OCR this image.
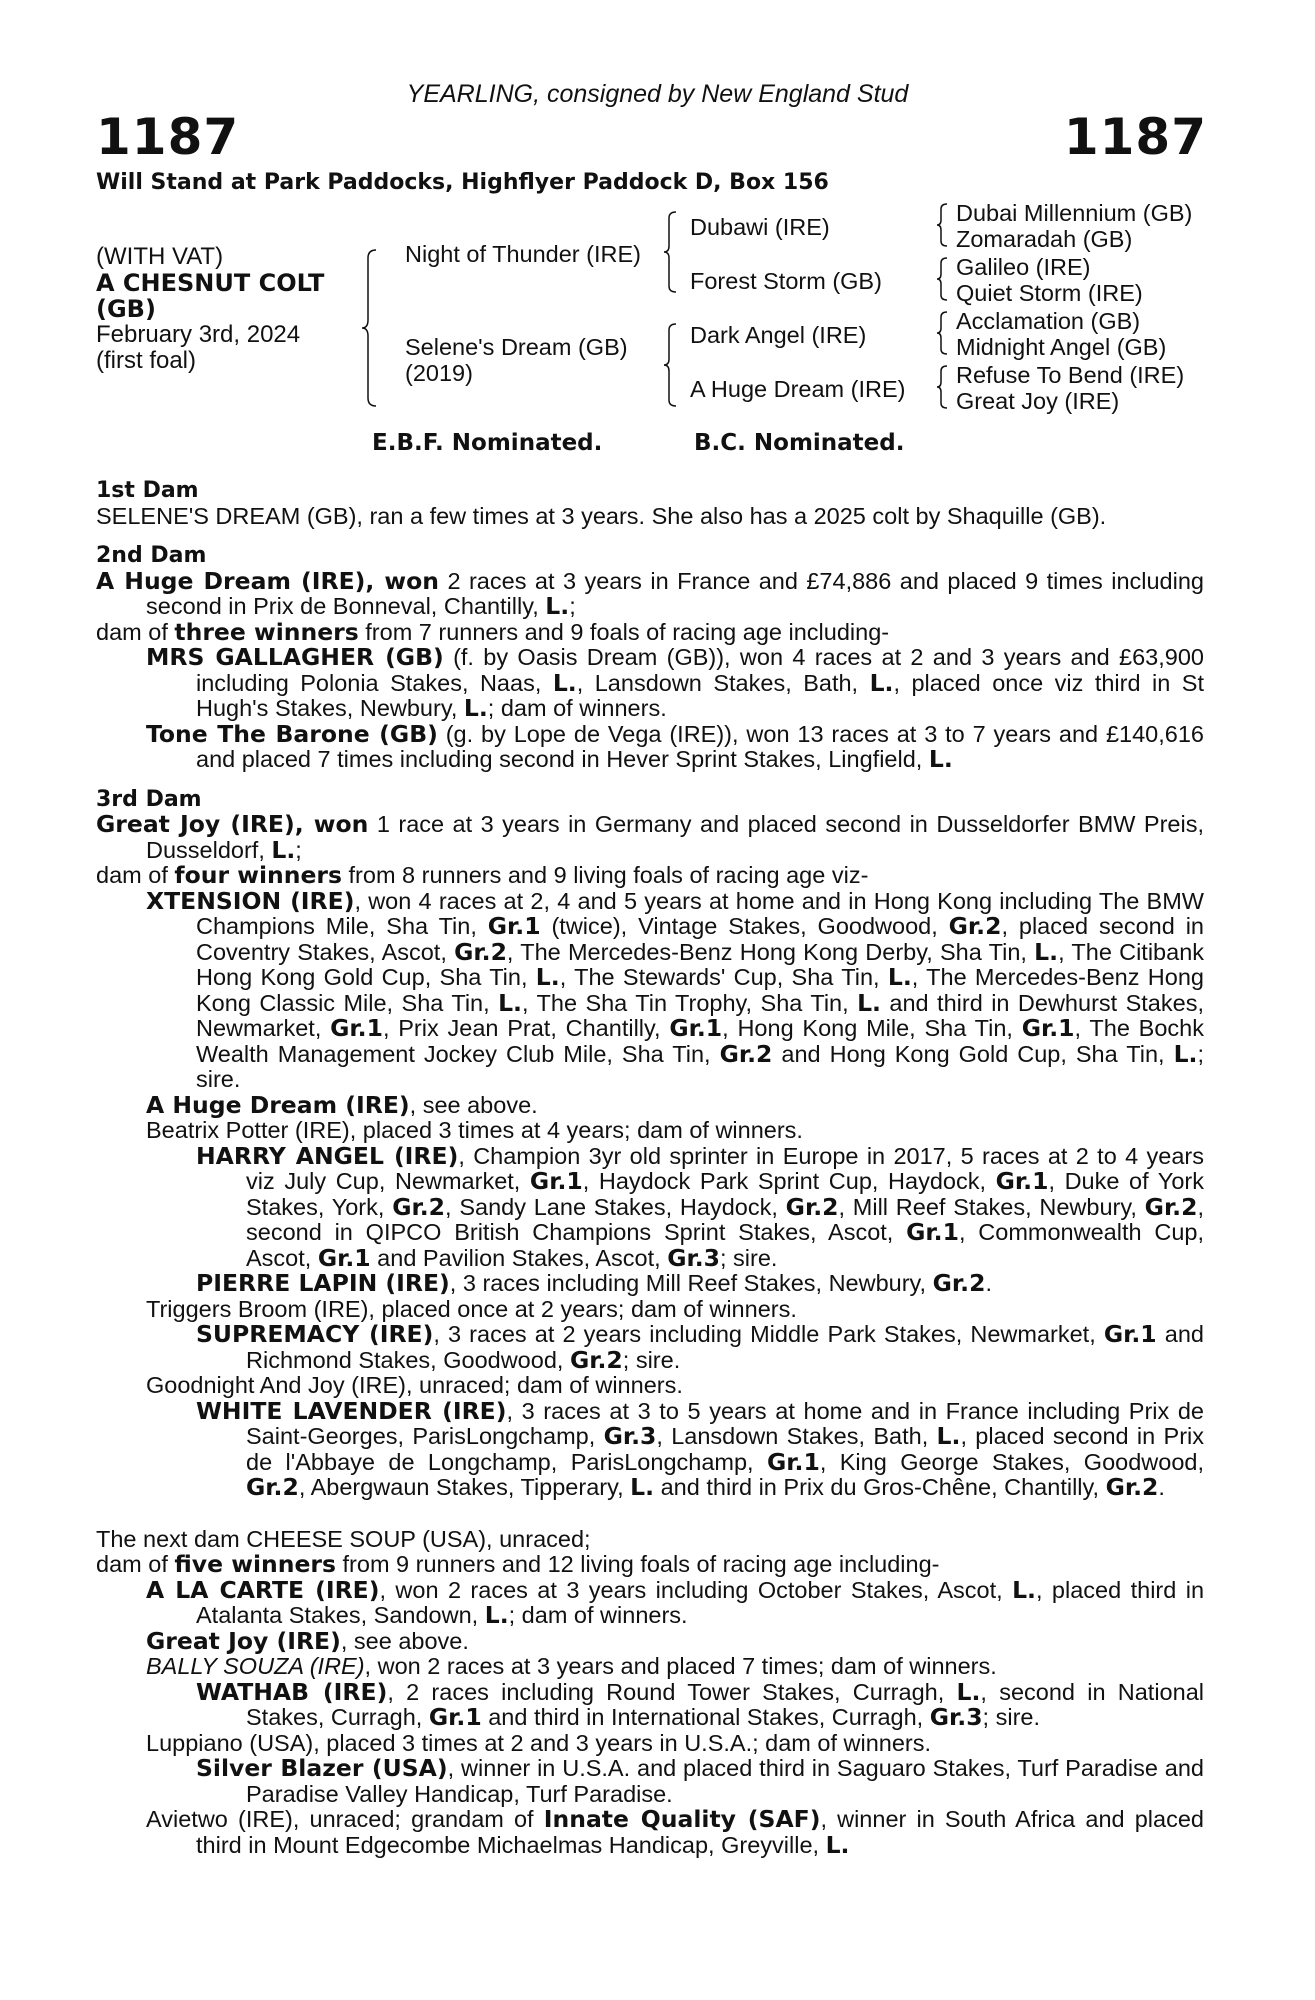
1187	1187
YEARLING, consigned by New England Stud
Will Stand at Park Paddocks, Highflyer Paddock D, Box 156
(WITH VAT)
A CHESNUT COLT
(GB)
February 3rd, 2024
(first foal)
Night of Thunder (IRE)
Selene's Dream (GB)
(2019)
Dubawi (IRE)
Forest Storm (GB)
Dark Angel (IRE)
A Huge Dream (IRE)
Dubai Millennium (GB)
Zomaradah (GB)
Galileo (IRE)
Quiet Storm (IRE)
Acclamation (GB)
Midnight Angel (GB)
Refuse To Bend (IRE)
Great Joy (IRE)
E.B.F. Nominated.	B.C. Nominated.

1st Dam

SELENE'S DREAM (GB), ran a few times at 3 years. She also has a 2025 colt by Shaquille (GB).

2nd Dam

A Huge Dream (IRE), won 2 races at 3 years in France and £74,886 and placed 9 times including second in Prix de Bonneval, Chantilly, L.;

dam of three winners from 7 runners and 9 foals of racing age including-

MRS GALLAGHER (GB) (f. by Oasis Dream (GB)), won 4 races at 2 and 3 years and £63,900 including Polonia Stakes, Naas, L., Lansdown Stakes, Bath, L., placed once viz third in St Hugh's Stakes, Newbury, L.; dam of winners.

Tone The Barone (GB) (g. by Lope de Vega (IRE)), won 13 races at 3 to 7 years and £140,616 and placed 7 times including second in Hever Sprint Stakes, Lingfield, L.

3rd Dam

Great Joy (IRE), won 1 race at 3 years in Germany and placed second in Dusseldorfer BMW Preis, Dusseldorf, L.;

dam of four winners from 8 runners and 9 living foals of racing age viz-

XTENSION (IRE), won 4 races at 2, 4 and 5 years at home and in Hong Kong including The BMW Champions Mile, Sha Tin, Gr.1 (twice), Vintage Stakes, Goodwood, Gr.2, placed second in Coventry Stakes, Ascot, Gr.2, The Mercedes-Benz Hong Kong Derby, Sha Tin, L., The Citibank Hong Kong Gold Cup, Sha Tin, L., The Stewards' Cup, Sha Tin, L., The Mercedes-Benz Hong Kong Classic Mile, Sha Tin, L., The Sha Tin Trophy, Sha Tin, L. and third in Dewhurst Stakes, Newmarket, Gr.1, Prix Jean Prat, Chantilly, Gr.1, Hong Kong Mile, Sha Tin, Gr.1, The Bochk Wealth Management Jockey Club Mile, Sha Tin, Gr.2 and Hong Kong Gold Cup, Sha Tin, L.; sire.

A Huge Dream (IRE), see above.

Beatrix Potter (IRE), placed 3 times at 4 years; dam of winners.

HARRY ANGEL (IRE), Champion 3yr old sprinter in Europe in 2017, 5 races at 2 to 4 years viz July Cup, Newmarket, Gr.1, Haydock Park Sprint Cup, Haydock, Gr.1, Duke of York Stakes, York, Gr.2, Sandy Lane Stakes, Haydock, Gr.2, Mill Reef Stakes, Newbury, Gr.2, second in QIPCO British Champions Sprint Stakes, Ascot, Gr.1, Commonwealth Cup, Ascot, Gr.1 and Pavilion Stakes, Ascot, Gr.3; sire.

PIERRE LAPIN (IRE), 3 races including Mill Reef Stakes, Newbury, Gr.2.

Triggers Broom (IRE), placed once at 2 years; dam of winners.

SUPREMACY (IRE), 3 races at 2 years including Middle Park Stakes, Newmarket, Gr.1 and Richmond Stakes, Goodwood, Gr.2; sire.

Goodnight And Joy (IRE), unraced; dam of winners.

WHITE LAVENDER (IRE), 3 races at 3 to 5 years at home and in France including Prix de Saint-Georges, ParisLongchamp, Gr.3, Lansdown Stakes, Bath, L., placed second in Prix de l'Abbaye de Longchamp, ParisLongchamp, Gr.1, King George Stakes, Goodwood, Gr.2, Abergwaun Stakes, Tipperary, L. and third in Prix du Gros-Chêne, Chantilly, Gr.2.

The next dam CHEESE SOUP (USA), unraced;

dam of five winners from 9 runners and 12 living foals of racing age including-

A LA CARTE (IRE), won 2 races at 3 years including October Stakes, Ascot, L., placed third in Atalanta Stakes, Sandown, L.; dam of winners.

Great Joy (IRE), see above.

BALLY SOUZA (IRE), won 2 races at 3 years and placed 7 times; dam of winners.

WATHAB (IRE), 2 races including Round Tower Stakes, Curragh, L., second in National Stakes, Curragh, Gr.1 and third in International Stakes, Curragh, Gr.3; sire.

Luppiano (USA), placed 3 times at 2 and 3 years in U.S.A.; dam of winners.

Silver Blazer (USA), winner in U.S.A. and placed third in Saguaro Stakes, Turf Paradise and Paradise Valley Handicap, Turf Paradise.

Avietwo (IRE), unraced; grandam of Innate Quality (SAF), winner in South Africa and placed third in Mount Edgecombe Michaelmas Handicap, Greyville, L.
